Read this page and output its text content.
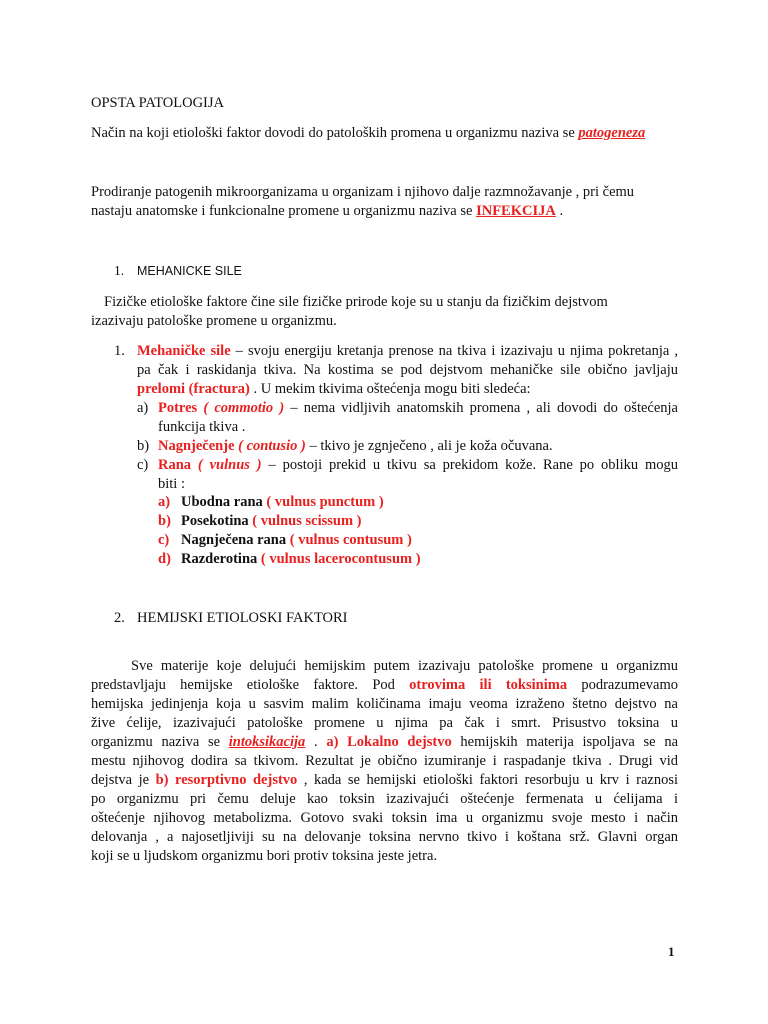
OPSTA PATOLOGIJA
Način na koji etiološki faktor dovodi do patoloških promena u organizmu naziva se patogeneza
Prodiranje patogenih mikroorganizama u organizam i njihovo dalje razmnožavanje , pri čemu
nastaju anatomske i funkcionalne promene u organizmu naziva se INFEKCIJA .
1. MEHANICKE SILE
Fizičke etiološke faktore čine sile fizičke prirode koje su u stanju da fizičkim dejstvom
izazivaju patološke promene u organizmu.
1. Mehaničke sile – svoju energiju kretanja prenose na tkiva i izazivaju u njima pokretanja ,
pa čak i raskidanja tkiva. Na kostima se pod dejstvom mehaničke sile obično javljaju
prelomi (fractura) . U mekim tkivima oštećenja mogu biti sledeća:
a) Potres ( commotio ) – nema vidljivih anatomskih promena , ali dovodi do oštećenja
funkcija tkiva .
b) Nagnječenje ( contusio ) – tkivo je zgnječeno , ali je koža očuvana.
c) Rana ( vulnus ) – postoji prekid u tkivu sa prekidom kože. Rane po obliku mogu
biti :
a) Ubodna rana ( vulnus punctum )
b) Posekotina ( vulnus scissum )
c) Nagnječena rana ( vulnus contusum )
d) Razderotina ( vulnus lacerocontusum )
2. HEMIJSKI ETIOLOSKI FAKTORI
Sve materije koje delujući hemijskim putem izazivaju patološke promene u organizmu
predstavljaju hemijske etiološke faktore. Pod otrovima ili toksinima podrazumevamo
hemijska jedinjenja koja u sasvim malim količinama imaju veoma izraženo štetno dejstvo na
žive ćelije, izazivajući patološke promene u njima pa čak i smrt. Prisustvo toksina u
organizmu naziva se intoksikacija . a) Lokalno dejstvo hemijskih materija ispoljava se na
mestu njihovog dodira sa tkivom. Rezultat je obično izumiranje i raspadanje tkiva . Drugi vid
dejstva je b) resorptivno dejstvo , kada se hemijski etiološki faktori resorbuju u krv i raznosi
po organizmu pri čemu deluje kao toksin izazivajući oštećenje fermenata u ćelijama i
oštećenje njihovog metabolizma. Gotovo svaki toksin ima u organizmu svoje mesto i način
delovanja , a najosetljiviji su na delovanje toksina nervno tkivo i koštana srž. Glavni organ
koji se u ljudskom organizmu bori protiv toksina jeste jetra.
1
